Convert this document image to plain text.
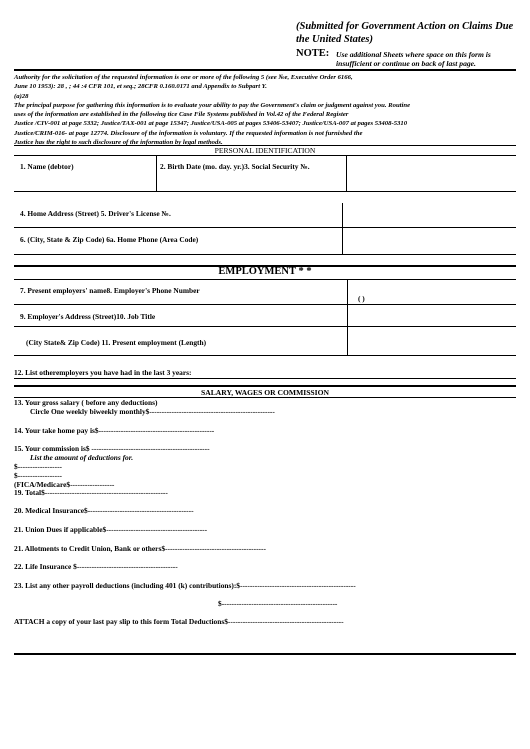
(Submitted for Government Action on Claims Due the United States)
NOTE: Use additional Sheets where space on this form is insufficient or continue on back of last page.
Authority for the solicitation of the requested information is one or more of the following 5 (see №e, Executive Order 6166,
June 10 1953): 28 , ; 44 :4 CFR 101, et seq.; 28CFR 0.160.0171 and Appendix to Subpart Y.
(a)28
The principal purpose for gathering this information is to evaluate your ability to pay the Government's claim or judgment against you. Routine
uses of the information are established in the following tice Case File Systems published in Vol.42 of the Federal Register
Justice /CIV-001 at page 5332; Justice/TAX-001 at page 15347; Justice/USA-005 at pages 53406-53407; Justice/USA-007 at pages 53408-5310
Justice/CRIM-016- at page 12774. Disclosure of the information is voluntary. If the requested information is not furnished the
Justice has the right to such disclosure of the information by legal methods.
PERSONAL IDENTIFICATION
1. Name (debtor)	2. Birth Date (mo. day. yr.)3. Social Security №.
4. Home Address (Street) 5. Driver's License №.
6. (City, State & Zip Code) 6a. Home Phone (Area Code)
EMPLOYMENT * *
7. Present employers' name8. Employer's Phone Number
( )
9. Employer's Address (Street)10. Job Title
(City State& Zip Code) 11. Present employment (Length)
12. List otheremployers you have had in the last 3 years:
SALARY, WAGES OR COMMISSION
13. Your gross salary ( before any deductions)
Circle One weekly biweekly monthly$---------------------------------------------------
14. Your take home pay is$-----------------------------------------------
15. Your commission is$ ------------------------------------------------
List the amount of deductions for.
$------------------
$------------------
(FICA/Medicare$------------------
19. Total$--------------------------------------------------
20. Medical Insurance$-------------------------------------------
21. Union Dues if applicable$-----------------------------------------
21. Allotments to Credit Union, Bank or others$-----------------------------------------
22. Life Insurance $-----------------------------------------
23. List any other payroll deductions (including 401 (k) contributions):$-----------------------------------------------
$-----------------------------------------------
ATTACH a copy of your last pay slip to this form Total Deductions$-----------------------------------------------
